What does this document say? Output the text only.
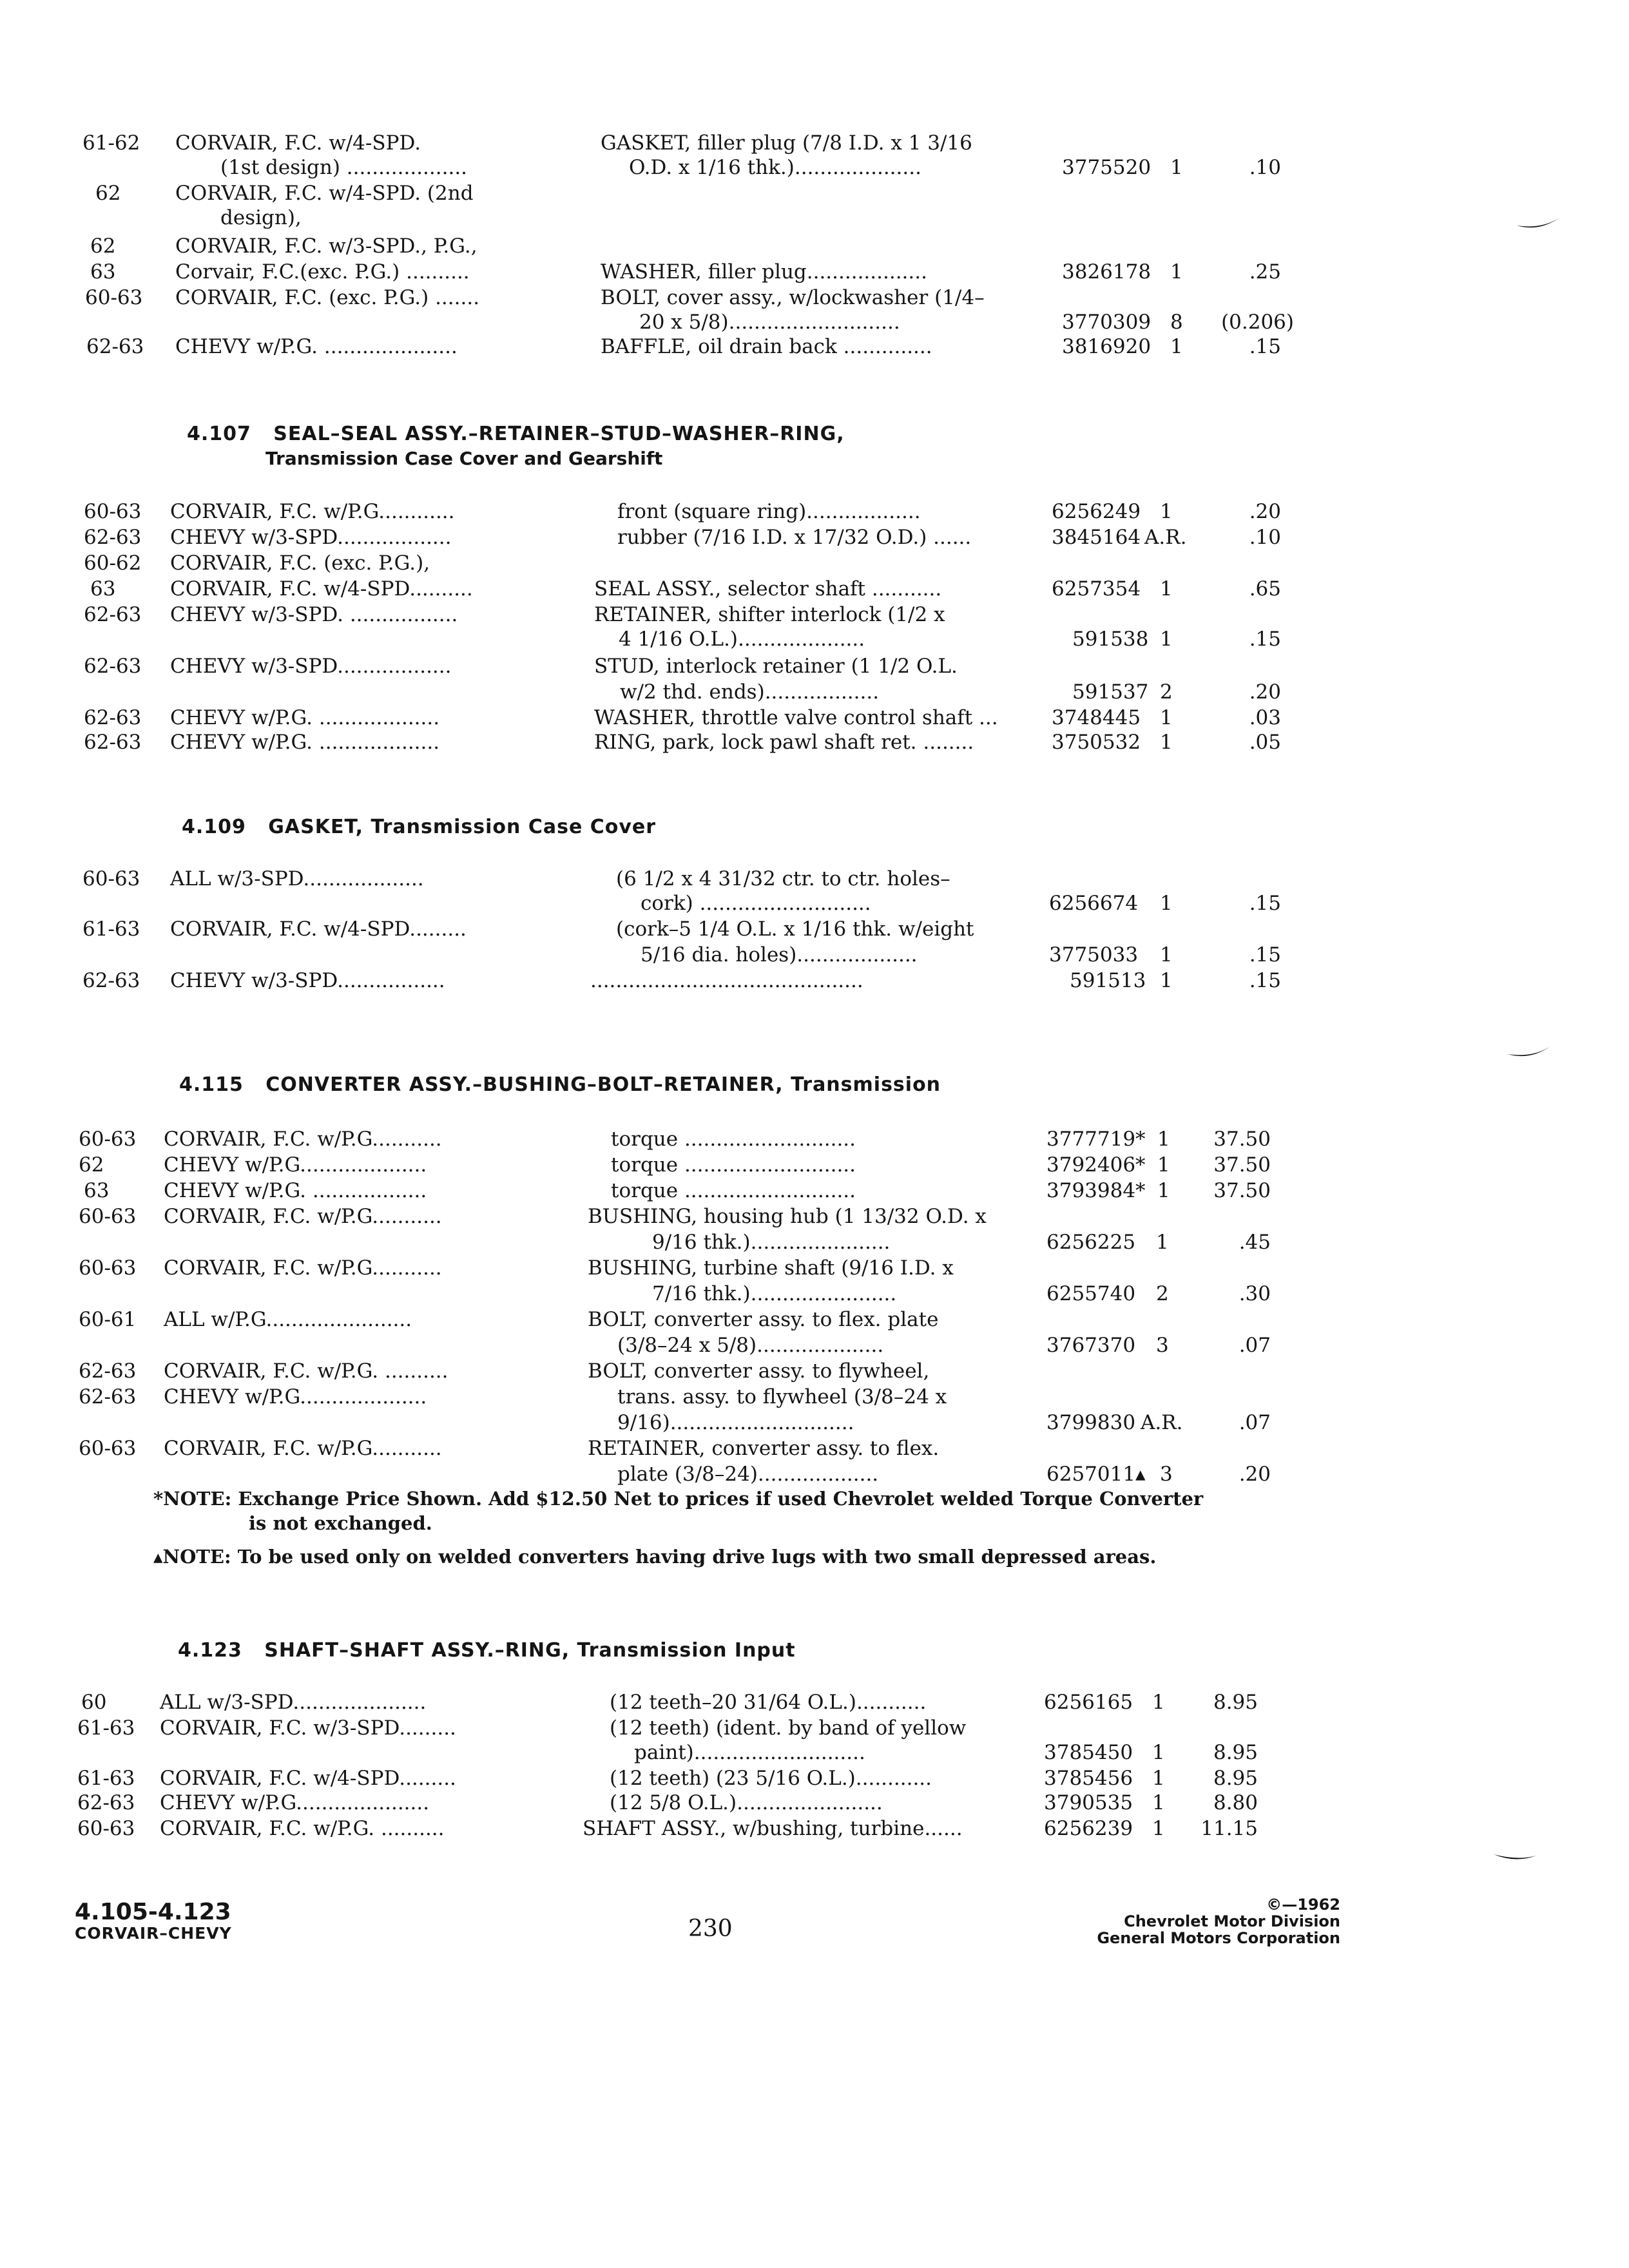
61-62 CORVAIR, F.C. w/4-SPD.	GASKET, filler plug (7/8 I.D. x 1 3/16
(1st design) ...................	O.D. x 1/16 thk.)....................	3775520 1	.10
62	CORVAIR, F.C. w/4-SPD. (2nd
design),
62	CORVAIR, F.C. w/3-SPD., P.G.,
63	Corvair, F.C.(exc. P.G.) ..........	WASHER, filler plug...................	3826178 1	.25
60-63 CORVAIR, F.C. (exc. P.G.) .......	BOLT, cover assy., w/lockwasher (1/4–
20 x 5/8)...........................	3770309 8 (0.206)
62-63 CHEVY w/P.G. .....................	BAFFLE, oil drain back ..............	3816920 1	.15
4.107 SEAL–SEAL ASSY.–RETAINER–STUD–WASHER–RING,
Transmission Case Cover and Gearshift
60-63 CORVAIR, F.C. w/P.G............	front (square ring)..................	6256249 1	.20
62-63 CHEVY w/3-SPD..................	rubber (7/16 I.D. x 17/32 O.D.) ......	3845164 A.R.	.10
60-62 CORVAIR, F.C. (exc. P.G.),
63	CORVAIR, F.C. w/4-SPD..........	SEAL ASSY., selector shaft ...........	6257354 1	.65
62-63 CHEVY w/3-SPD. .................	RETAINER, shifter interlock (1/2 x
4 1/16 O.L.)....................	591538 1	.15
62-63 CHEVY w/3-SPD..................	STUD, interlock retainer (1 1/2 O.L.
w/2 thd. ends)..................	591537 2	.20
62-63 CHEVY w/P.G. ...................	WASHER, throttle valve control shaft ...	3748445 1	.03
62-63 CHEVY w/P.G. ...................	RING, park, lock pawl shaft ret. ........	3750532 1	.05
4.109 GASKET, Transmission Case Cover
60-63 ALL w/3-SPD...................	(6 1/2 x 4 31/32 ctr. to ctr. holes–
cork) ...........................	6256674 1	.15
61-63 CORVAIR, F.C. w/4-SPD.........	(cork–5 1/4 O.L. x 1/16 thk. w/eight
5/16 dia. holes)...................	3775033 1	.15
62-63 CHEVY w/3-SPD.................	...........................................	591513 1	.15
4.115 CONVERTER ASSY.–BUSHING–BOLT–RETAINER, Transmission
60-63 CORVAIR, F.C. w/P.G...........	torque ...........................	3777719* 1 37.50
62	CHEVY w/P.G....................	torque ...........................	3792406* 1 37.50
63	CHEVY w/P.G. ..................	torque ...........................	3793984* 1 37.50
60-63 CORVAIR, F.C. w/P.G...........	BUSHING, housing hub (1 13/32 O.D. x
9/16 thk.)......................	6256225 1	.45
60-63 CORVAIR, F.C. w/P.G...........	BUSHING, turbine shaft (9/16 I.D. x
7/16 thk.).......................	6255740 2	.30
60-61 ALL w/P.G.......................	BOLT, converter assy. to flex. plate
(3/8–24 x 5/8)....................	3767370 3	.07
62-63 CORVAIR, F.C. w/P.G. ..........	BOLT, converter assy. to flywheel,
62-63 CHEVY w/P.G....................	trans. assy. to flywheel (3/8–24 x
9/16).............................	3799830 A.R.	.07
60-63 CORVAIR, F.C. w/P.G...........	RETAINER, converter assy. to flex.
plate (3/8–24)...................	6257011▴ 3	.20
*NOTE: Exchange Price Shown. Add $12.50 Net to prices if used Chevrolet welded Torque Converter
is not exchanged.
▴NOTE: To be used only on welded converters having drive lugs with two small depressed areas.
4.123 SHAFT–SHAFT ASSY.–RING, Transmission Input
60	ALL w/3-SPD.....................	(12 teeth–20 31/64 O.L.)...........	6256165 1 8.95
61-63 CORVAIR, F.C. w/3-SPD.........	(12 teeth) (ident. by band of yellow
paint)...........................	3785450 1 8.95
61-63 CORVAIR, F.C. w/4-SPD.........	(12 teeth) (23 5/16 O.L.)............	3785456 1 8.95
62-63 CHEVY w/P.G.....................	(12 5/8 O.L.).......................	3790535 1 8.80
60-63 CORVAIR, F.C. w/P.G. ..........	SHAFT ASSY., w/bushing, turbine......	6256239 1 11.15
4.105-4.123
CORVAIR–CHEVY	230
©—1962
Chevrolet Motor Division
General Motors Corporation
